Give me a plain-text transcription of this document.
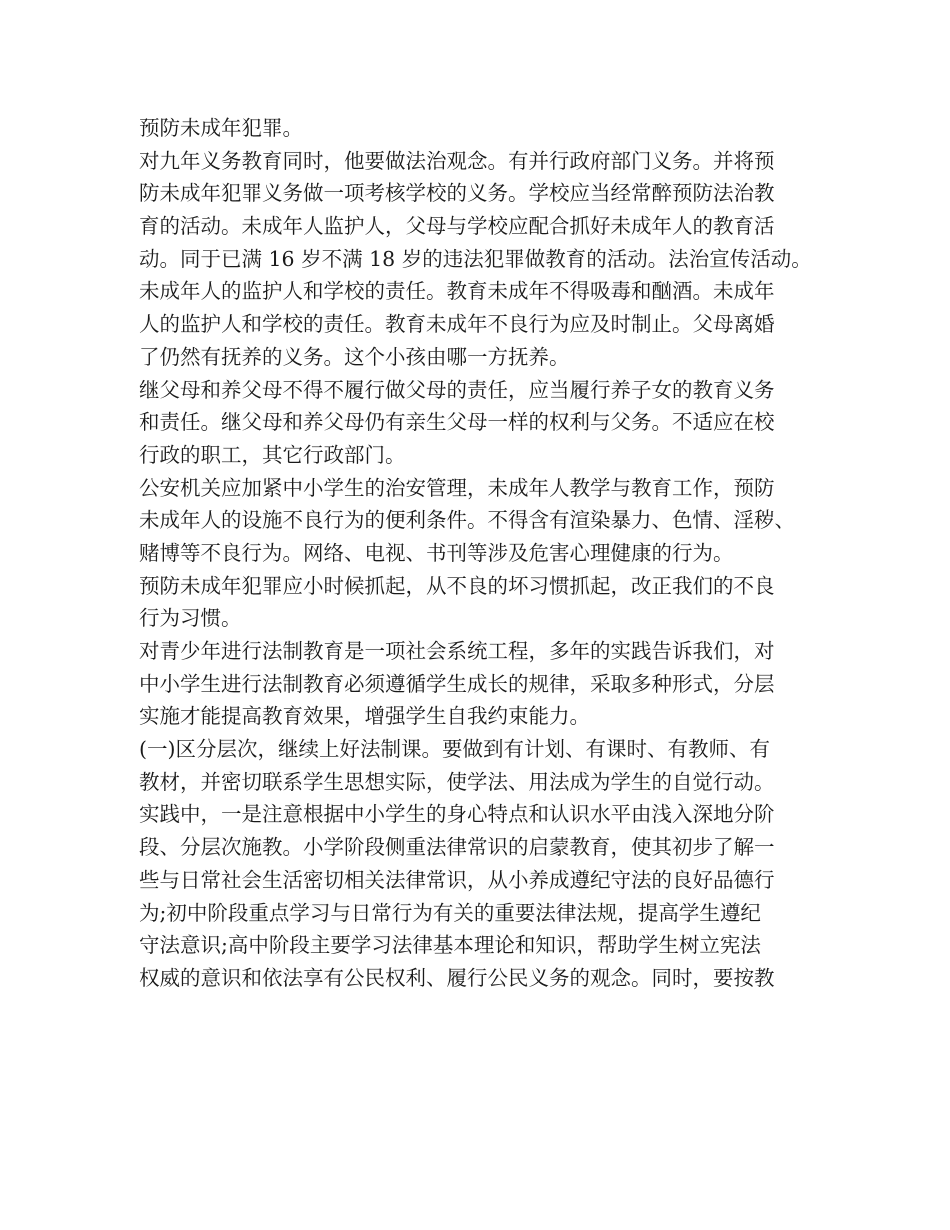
预防未成年犯罪。
对九年义务教育同时，他要做法治观念。有并行政府部门义务。并将预
防未成年犯罪义务做一项考核学校的义务。学校应当经常醉预防法治教
育的活动。未成年人监护人，父母与学校应配合抓好未成年人的教育活
动。同于已满 16 岁不满 18 岁的违法犯罪做教育的活动。法治宣传活动。
未成年人的监护人和学校的责任。教育未成年不得吸毒和酗酒。未成年
人的监护人和学校的责任。教育未成年不良行为应及时制止。父母离婚
了仍然有抚养的义务。这个小孩由哪一方抚养。
继父母和养父母不得不履行做父母的责任，应当履行养子女的教育义务
和责任。继父母和养父母仍有亲生父母一样的权利与父务。不适应在校
行政的职工，其它行政部门。
公安机关应加紧中小学生的治安管理，未成年人教学与教育工作，预防
未成年人的设施不良行为的便利条件。不得含有渲染暴力、色情、淫秽、
赌博等不良行为。网络、电视、书刊等涉及危害心理健康的行为。
预防未成年犯罪应小时候抓起，从不良的坏习惯抓起，改正我们的不良
行为习惯。
对青少年进行法制教育是一项社会系统工程，多年的实践告诉我们，对
中小学生进行法制教育必须遵循学生成长的规律，采取多种形式，分层
实施才能提高教育效果，增强学生自我约束能力。
(一)区分层次，继续上好法制课。要做到有计划、有课时、有教师、有
教材，并密切联系学生思想实际，使学法、用法成为学生的自觉行动。
实践中，一是注意根据中小学生的身心特点和认识水平由浅入深地分阶
段、分层次施教。小学阶段侧重法律常识的启蒙教育，使其初步了解一
些与日常社会生活密切相关法律常识，从小养成遵纪守法的良好品德行
为;初中阶段重点学习与日常行为有关的重要法律法规，提高学生遵纪
守法意识;高中阶段主要学习法律基本理论和知识，帮助学生树立宪法
权威的意识和依法享有公民权利、履行公民义务的观念。同时，要按教
